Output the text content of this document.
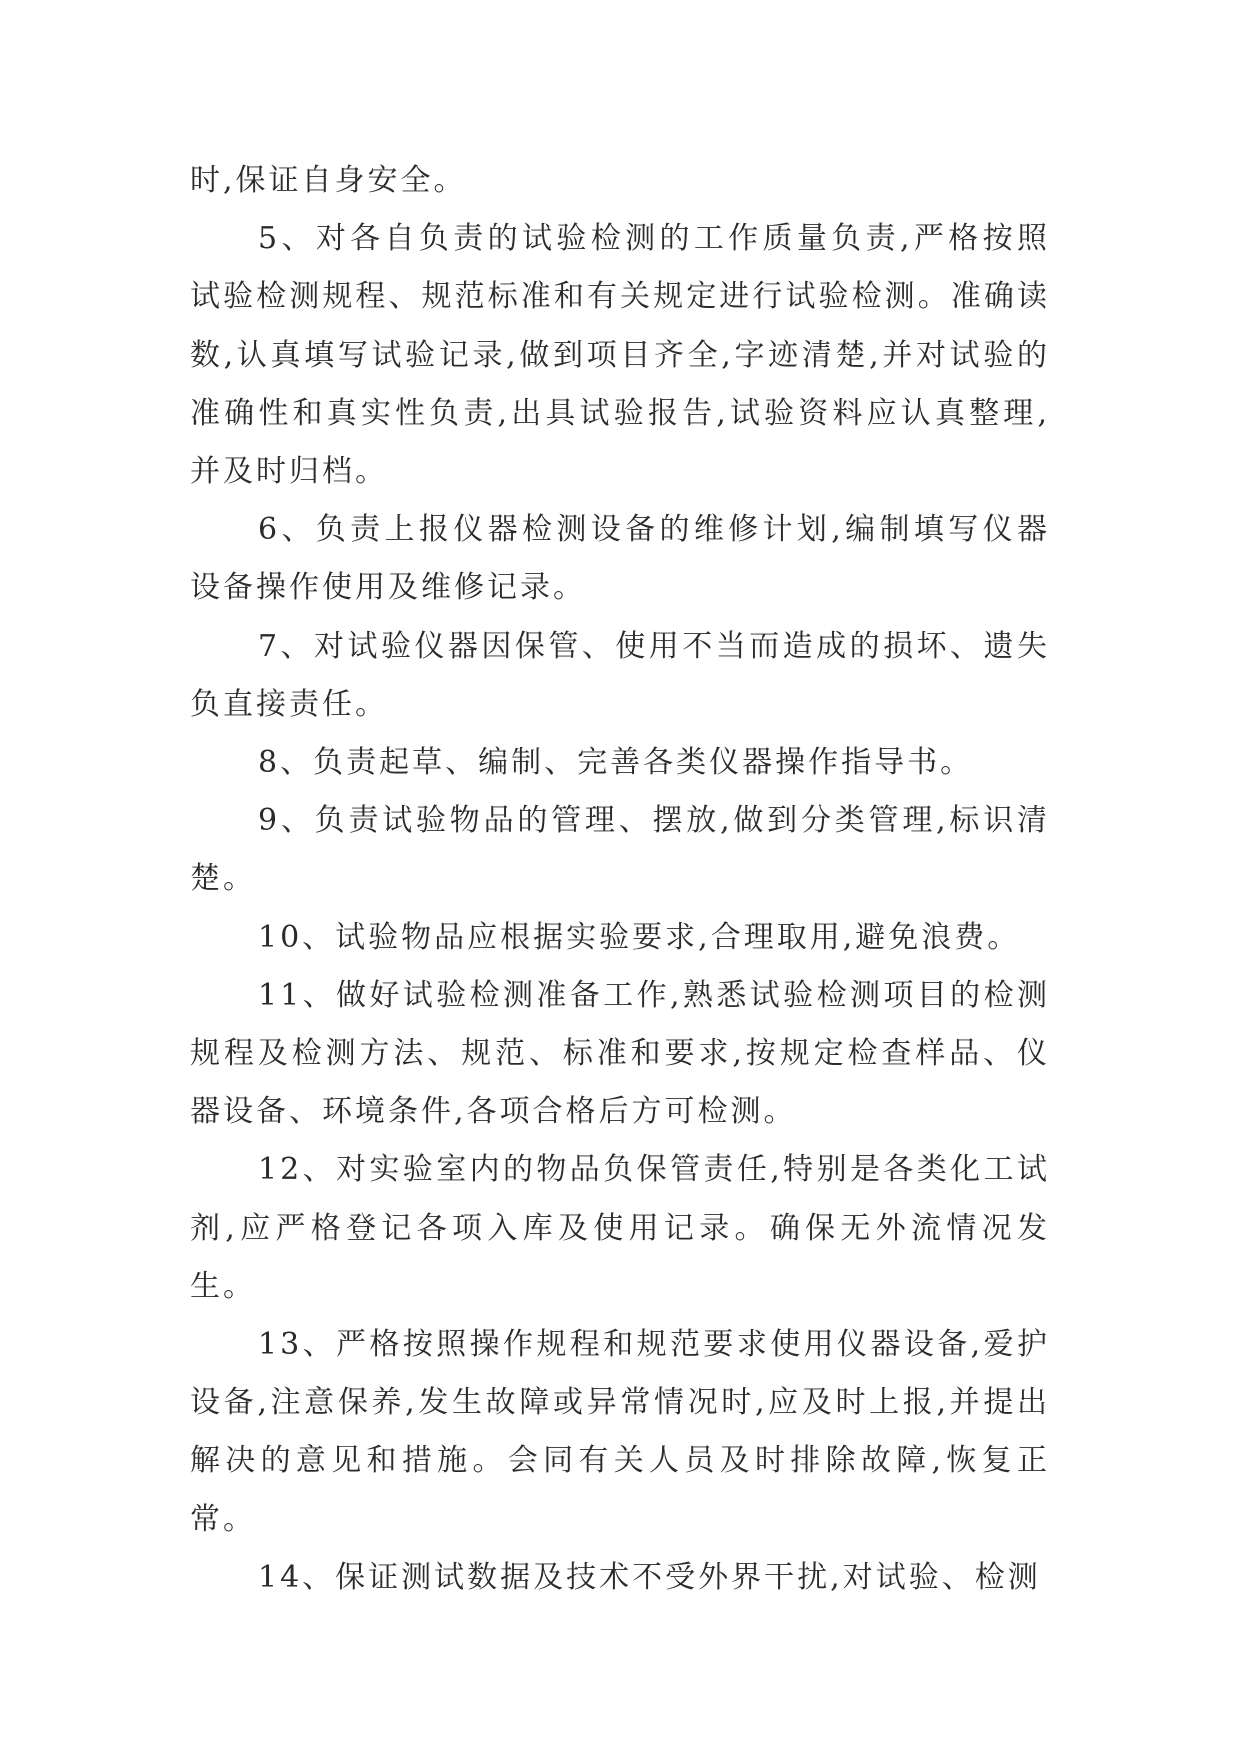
时,保证自身安全。

5、对各自负责的试验检测的工作质量负责,严格按照试验检测规程、规范标准和有关规定进行试验检测。准确读数,认真填写试验记录,做到项目齐全,字迹清楚,并对试验的准确性和真实性负责,出具试验报告,试验资料应认真整理,并及时归档。

6、负责上报仪器检测设备的维修计划,编制填写仪器设备操作使用及维修记录。

7、对试验仪器因保管、使用不当而造成的损坏、遗失负直接责任。

8、负责起草、编制、完善各类仪器操作指导书。

9、负责试验物品的管理、摆放,做到分类管理,标识清楚。

10、试验物品应根据实验要求,合理取用,避免浪费。

11、做好试验检测准备工作,熟悉试验检测项目的检测规程及检测方法、规范、标准和要求,按规定检查样品、仪器设备、环境条件,各项合格后方可检测。

12、对实验室内的物品负保管责任,特别是各类化工试剂,应严格登记各项入库及使用记录。确保无外流情况发生。

13、严格按照操作规程和规范要求使用仪器设备,爱护设备,注意保养,发生故障或异常情况时,应及时上报,并提出解决的意见和措施。会同有关人员及时排除故障,恢复正常。

14、保证测试数据及技术不受外界干扰,对试验、检测
